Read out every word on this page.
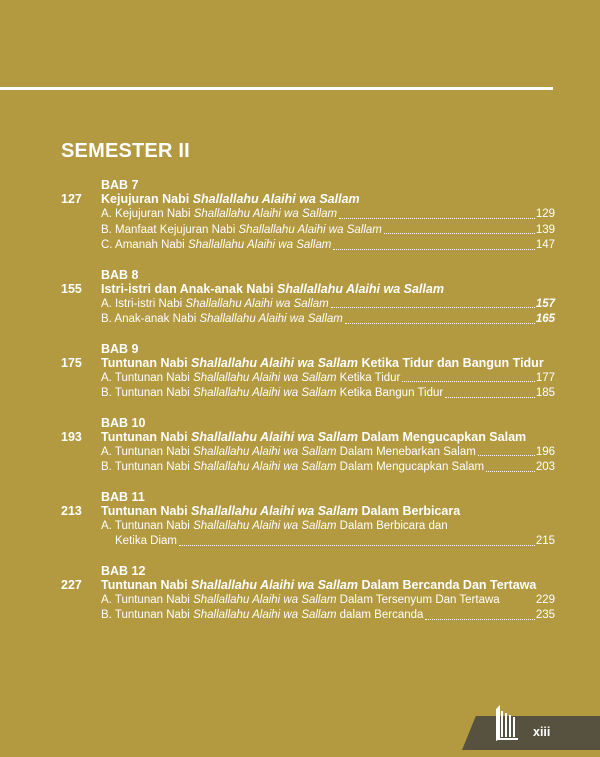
SEMESTER II
BAB 7
127 Kejujuran Nabi Shallallahu Alaihi wa Sallam
A. Kejujuran Nabi Shallallahu Alaihi wa Sallam	129
B. Manfaat Kejujuran Nabi Shallallahu Alaihi wa Sallam	139
C. Amanah Nabi Shallallahu Alaihi wa Sallam	147
BAB 8
155 Istri-istri dan Anak-anak Nabi Shallallahu Alaihi wa Sallam
A. Istri-istri Nabi Shallallahu Alaihi wa Sallam	157
B. Anak-anak Nabi Shallallahu Alaihi wa Sallam	165
BAB 9
175 Tuntunan Nabi Shallallahu Alaihi wa Sallam Ketika Tidur dan Bangun Tidur
A. Tuntunan Nabi Shallallahu Alaihi wa Sallam Ketika Tidur	177
B. Tuntunan Nabi Shallallahu Alaihi wa Sallam Ketika Bangun Tidur	185
BAB 10
193 Tuntunan Nabi Shallallahu Alaihi wa Sallam Dalam Mengucapkan Salam
A. Tuntunan Nabi Shallallahu Alaihi wa Sallam Dalam Menebarkan Salam	196
B. Tuntunan Nabi Shallallahu Alaihi wa Sallam Dalam Mengucapkan Salam	203
BAB 11
213 Tuntunan Nabi Shallallahu Alaihi wa Sallam Dalam Berbicara
A. Tuntunan Nabi Shallallahu Alaihi wa Sallam Dalam Berbicara dan
Ketika Diam	215
BAB 12
227 Tuntunan Nabi Shallallahu Alaihi wa Sallam Dalam Bercanda Dan Tertawa
A. Tuntunan Nabi Shallallahu Alaihi wa Sallam Dalam Tersenyum Dan Tertawa	229
B. Tuntunan Nabi Shallallahu Alaihi wa Sallam dalam Bercanda	235
xiii
